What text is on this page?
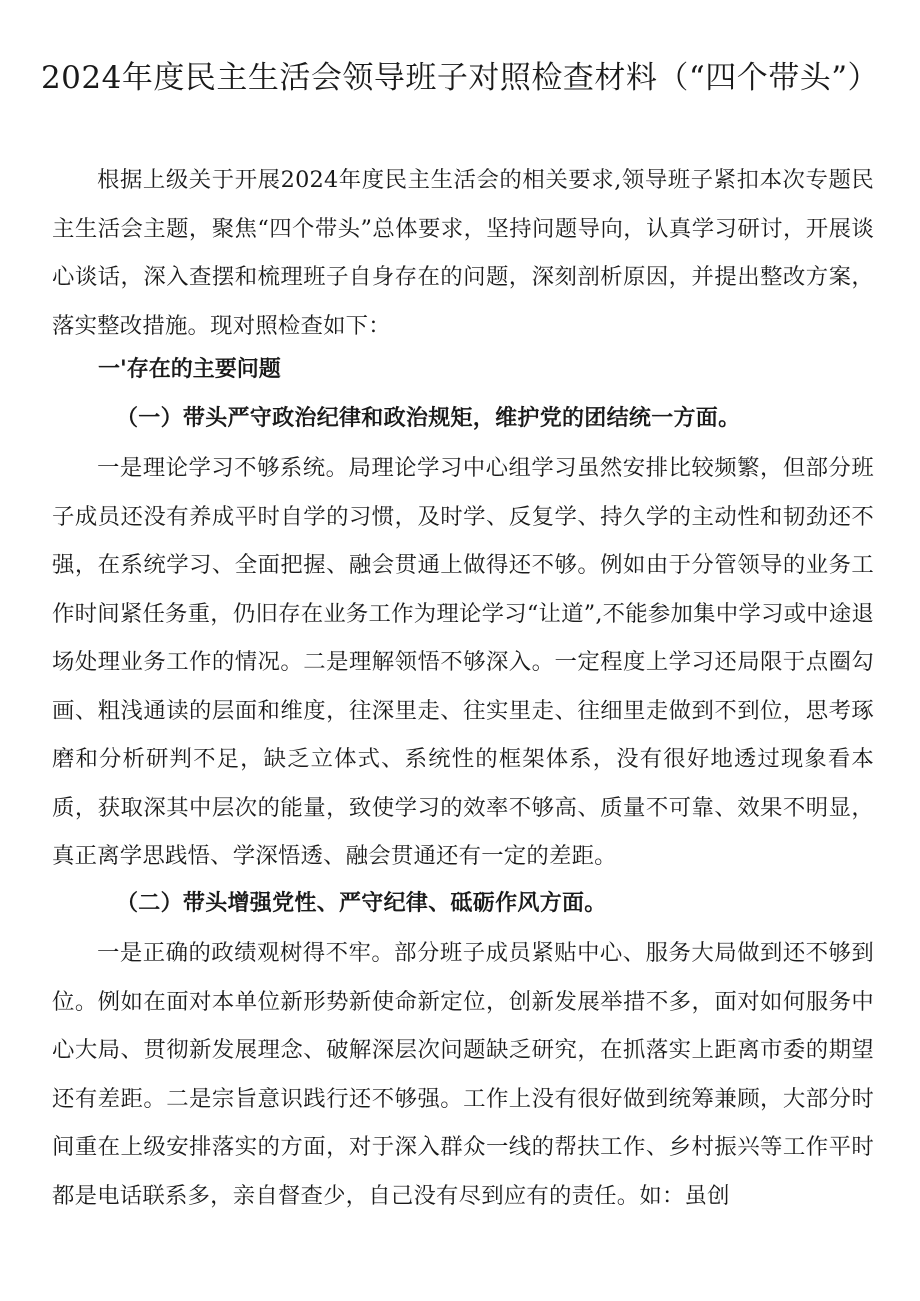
2024年度民主生活会领导班子对照检查材料（“四个带头”）

根据上级关于开展2024年度民主生活会的相关要求,领导班子紧扣本次专题民主生活会主题，聚焦“四个带头”总体要求，坚持问题导向，认真学习研讨，开展谈心谈话，深入查摆和梳理班子自身存在的问题，深刻剖析原因，并提出整改方案，落实整改措施。现对照检查如下：

一'存在的主要问题

（一）带头严守政治纪律和政治规矩，维护党的团结统一方面。

一是理论学习不够系统。局理论学习中心组学习虽然安排比较频繁，但部分班子成员还没有养成平时自学的习惯，及时学、反复学、持久学的主动性和韧劲还不强，在系统学习、全面把握、融会贯通上做得还不够。例如由于分管领导的业务工作时间紧任务重，仍旧存在业务工作为理论学习“让道”,不能参加集中学习或中途退场处理业务工作的情况。二是理解领悟不够深入。一定程度上学习还局限于点圈勾画、粗浅通读的层面和维度，往深里走、往实里走、往细里走做到不到位，思考琢磨和分析研判不足，缺乏立体式、系统性的框架体系，没有很好地透过现象看本质，获取深其中层次的能量，致使学习的效率不够高、质量不可靠、效果不明显，真正离学思践悟、学深悟透、融会贯通还有一定的差距。

（二）带头增强党性、严守纪律、砥砺作风方面。

一是正确的政绩观树得不牢。部分班子成员紧贴中心、服务大局做到还不够到位。例如在面对本单位新形势新使命新定位，创新发展举措不多，面对如何服务中心大局、贯彻新发展理念、破解深层次问题缺乏研究，在抓落实上距离市委的期望还有差距。二是宗旨意识践行还不够强。工作上没有很好做到统筹兼顾，大部分时间重在上级安排落实的方面，对于深入群众一线的帮扶工作、乡村振兴等工作平时都是电话联系多，亲自督查少，自己没有尽到应有的责任。如：虽创
